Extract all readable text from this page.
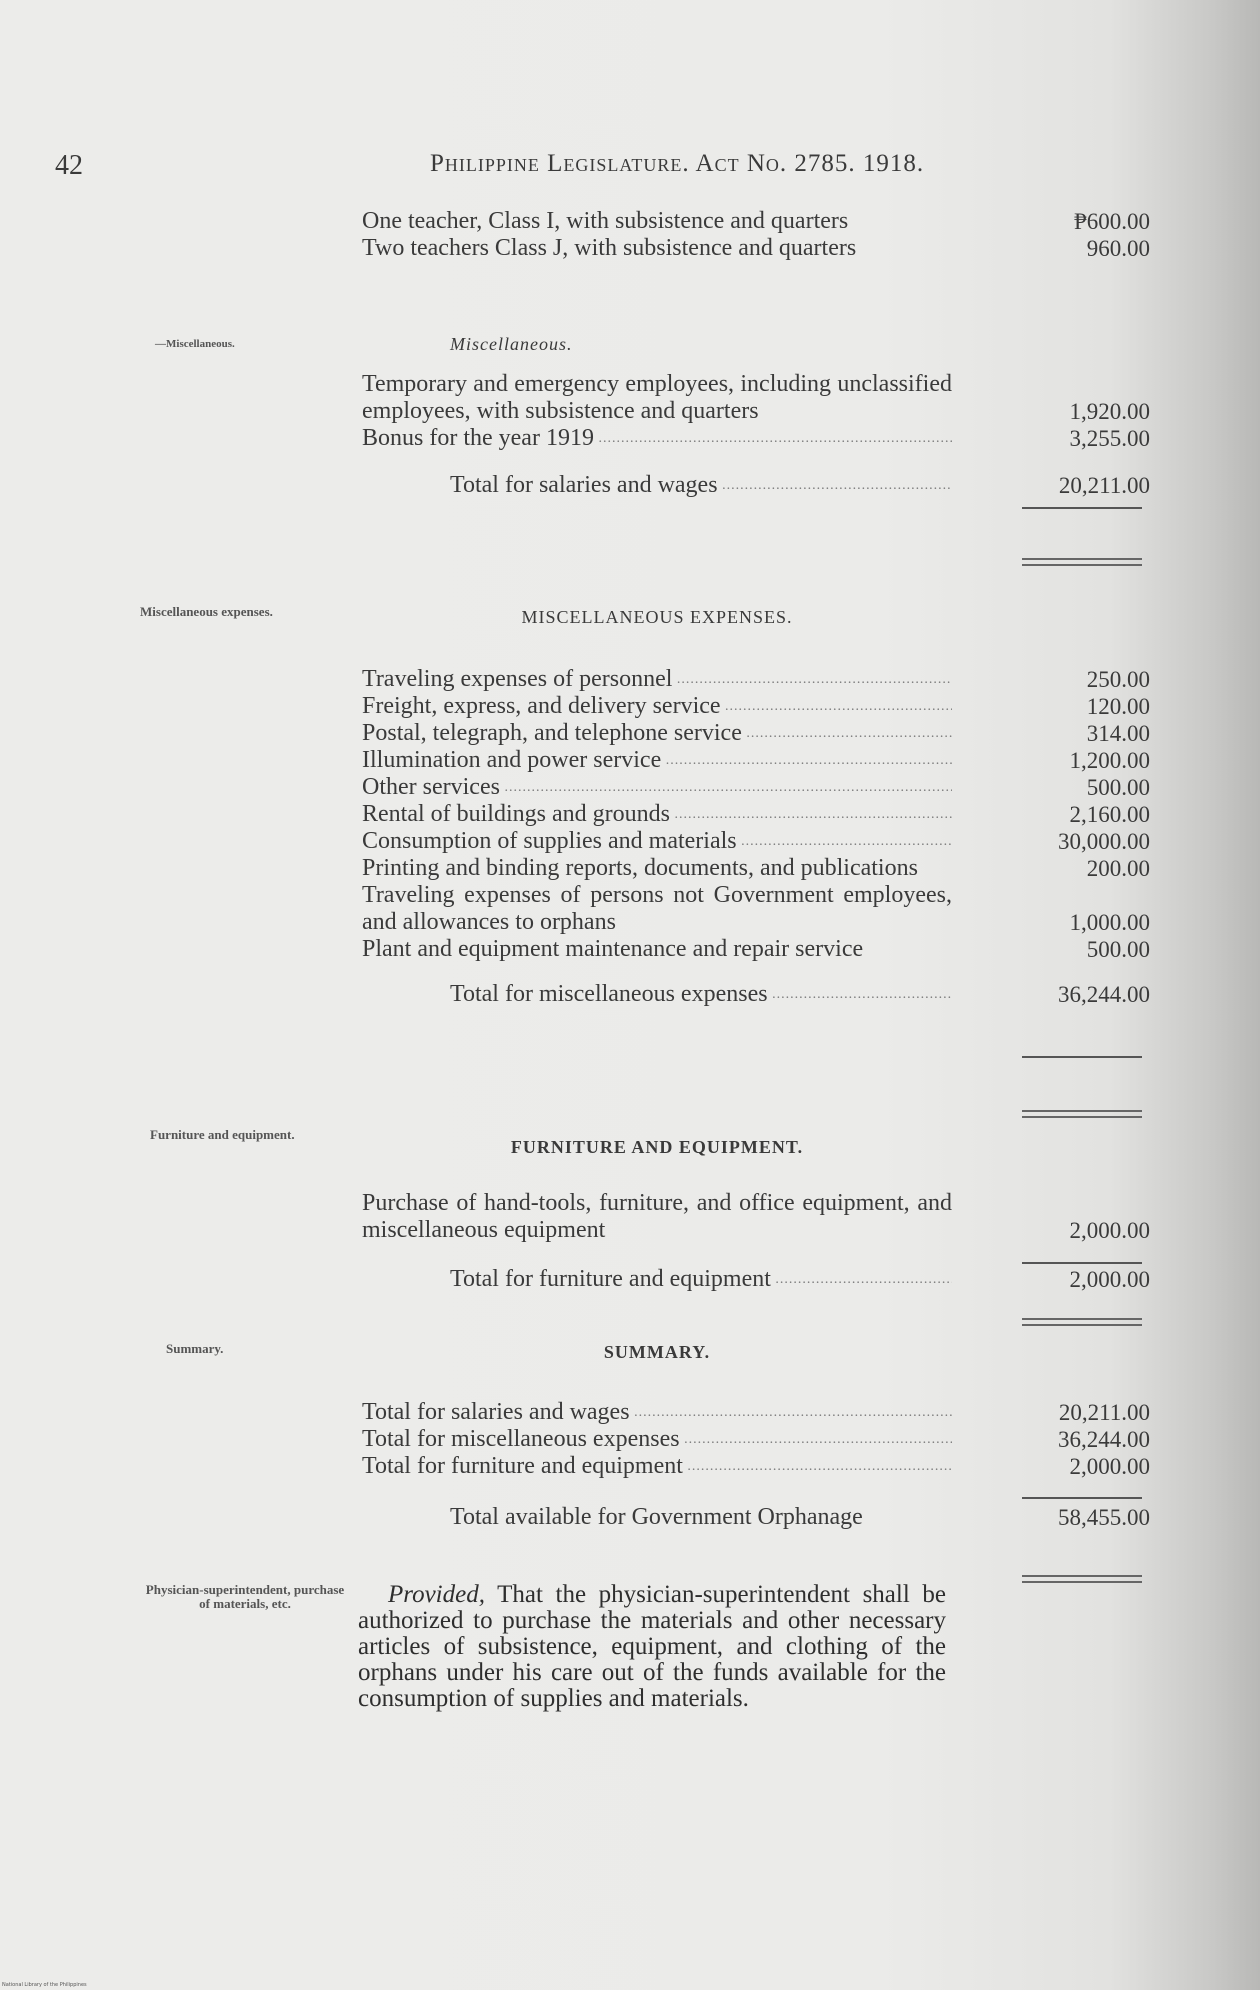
42	Philippine Legislature. Act No. 2785. 1918.
One teacher, Class I, with subsistence and quarters	₱600.00
Two teachers Class J, with subsistence and quarters	960.00
—Miscellaneous.	Miscellaneous.
Temporary and emergency employees, including unclassified employees, with subsistence and quarters	1,920.00
Bonus for the year 1919 .....	3,255.00
Total for salaries and wages .....	20,211.00
Miscellaneous expenses.	MISCELLANEOUS EXPENSES.
Traveling expenses of personnel .....	250.00
Freight, express, and delivery service .....	120.00
Postal, telegraph, and telephone service .....	314.00
Illumination and power service .....	1,200.00
Other services .....	500.00
Rental of buildings and grounds .....	2,160.00
Consumption of supplies and materials .....	30,000.00
Printing and binding reports, documents, and publications	200.00
Traveling expenses of persons not Government employees, and allowances to orphans	1,000.00
Plant and equipment maintenance and repair service	500.00
Total for miscellaneous expenses .....	36,244.00
Furniture and equipment.
FURNITURE AND EQUIPMENT.
Purchase of hand-tools, furniture, and office equipment, and miscellaneous equipment	2,000.00
Total for furniture and equipment .....	2,000.00
Summary.	SUMMARY.
Total for salaries and wages .....	20,211.00
Total for miscellaneous expenses .....	36,244.00
Total for furniture and equipment .....	2,000.00
Total available for Government Orphanage	58,455.00
Physician-superintendent, purchase of materials, etc.	Provided, That the physician-superintendent shall be authorized to purchase the materials and other necessary articles of subsistence, equipment, and clothing of the orphans under his care out of the funds available for the consumption of supplies and materials.
National Library of the Philippines
